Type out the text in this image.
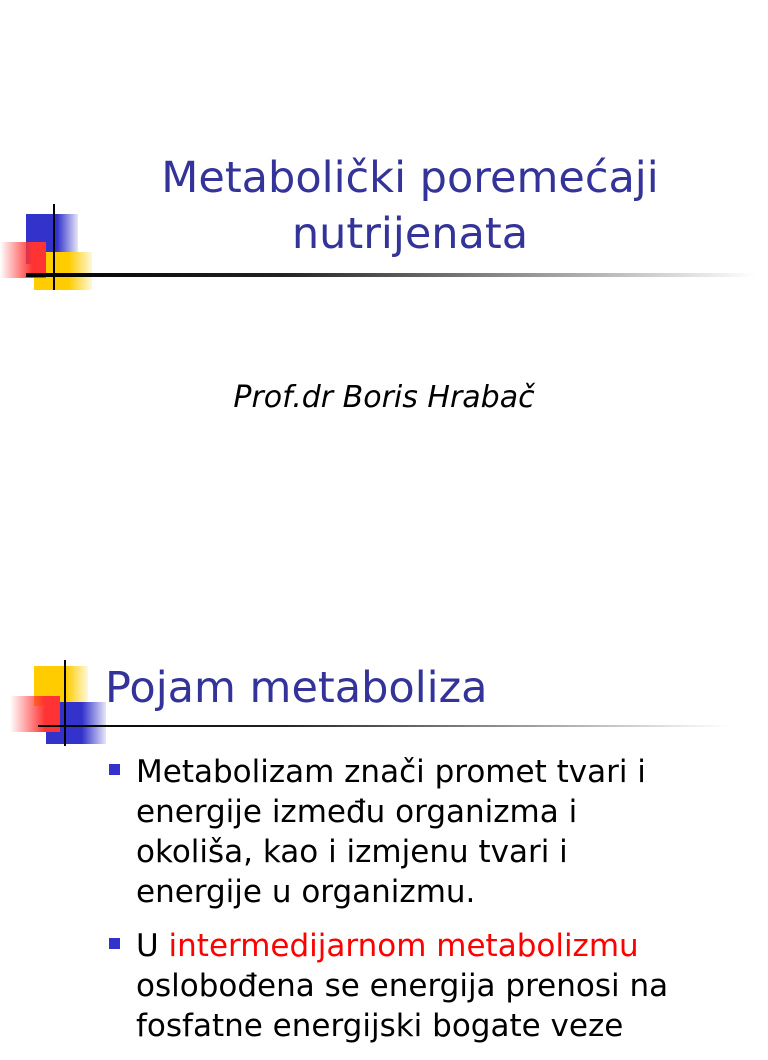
Metabolički poremećaji
nutrijenata
Prof.dr Boris Hrabač
Pojam metaboliza
Metabolizam znači promet tvari i
energije između organizma i
okoliša, kao i izmjenu tvari i
energije u organizmu.
U intermedijarnom metabolizmu
oslobođena se energija prenosi na
fosfatne energijski bogate veze
